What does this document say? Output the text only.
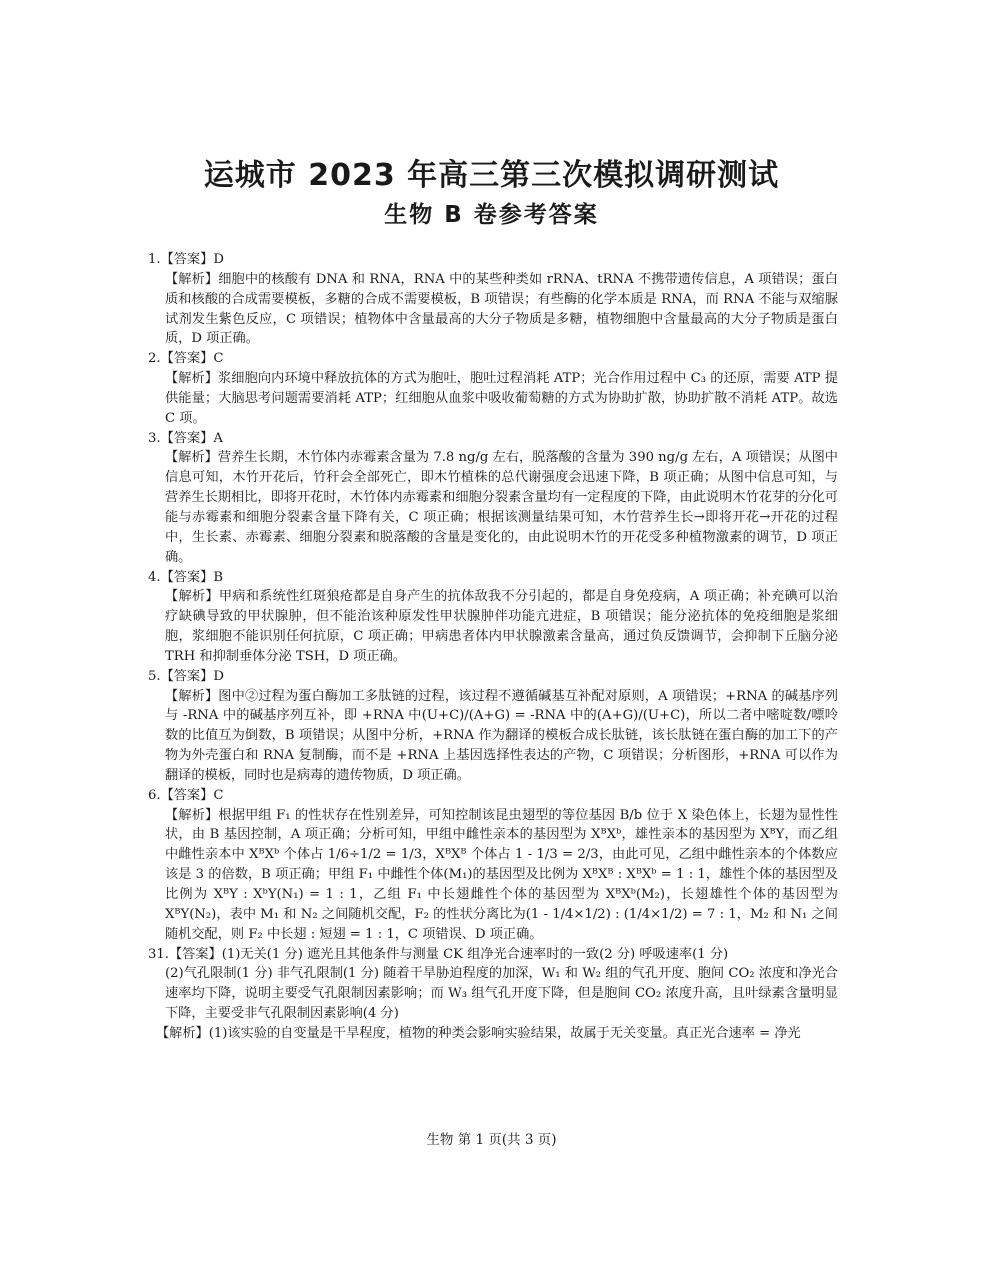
运城市 2023 年高三第三次模拟调研测试
生物 B 卷参考答案

1.【答案】D

【解析】细胞中的核酸有 DNA 和 RNA，RNA 中的某些种类如 rRNA、tRNA 不携带遗传信息，A 项错误；蛋白质和核酸的合成需要模板，多糖的合成不需要模板，B 项错误；有些酶的化学本质是 RNA，而 RNA 不能与双缩脲试剂发生紫色反应，C 项错误；植物体中含量最高的大分子物质是多糖，植物细胞中含量最高的大分子物质是蛋白质，D 项正确。

2.【答案】C

【解析】浆细胞向内环境中释放抗体的方式为胞吐，胞吐过程消耗 ATP；光合作用过程中 C₃ 的还原，需要 ATP 提供能量；大脑思考问题需要消耗 ATP；红细胞从血浆中吸收葡萄糖的方式为协助扩散，协助扩散不消耗 ATP。故选 C 项。

3.【答案】A

【解析】营养生长期，木竹体内赤霉素含量为 7.8 ng/g 左右，脱落酸的含量为 390 ng/g 左右，A 项错误；从图中信息可知，木竹开花后，竹秆会全部死亡，即木竹植株的总代谢强度会迅速下降，B 项正确；从图中信息可知，与营养生长期相比，即将开花时，木竹体内赤霉素和细胞分裂素含量均有一定程度的下降，由此说明木竹花芽的分化可能与赤霉素和细胞分裂素含量下降有关，C 项正确；根据该测量结果可知，木竹营养生长→即将开花→开花的过程中，生长素、赤霉素、细胞分裂素和脱落酸的含量是变化的，由此说明木竹的开花受多种植物激素的调节，D 项正确。

4.【答案】B

【解析】甲病和系统性红斑狼疮都是自身产生的抗体敌我不分引起的，都是自身免疫病，A 项正确；补充碘可以治疗缺碘导致的甲状腺肿，但不能治该种原发性甲状腺肿伴功能亢进症，B 项错误；能分泌抗体的免疫细胞是浆细胞，浆细胞不能识别任何抗原，C 项正确；甲病患者体内甲状腺激素含量高，通过负反馈调节，会抑制下丘脑分泌 TRH 和抑制垂体分泌 TSH，D 项正确。

5.【答案】D

【解析】图中②过程为蛋白酶加工多肽链的过程，该过程不遵循碱基互补配对原则，A 项错误；+RNA 的碱基序列与 -RNA 中的碱基序列互补，即 +RNA 中(U+C)/(A+G) = -RNA 中的(A+G)/(U+C)，所以二者中嘧啶数/嘌呤数的比值互为倒数，B 项错误；从图中分析，+RNA 作为翻译的模板合成长肽链，该长肽链在蛋白酶的加工下的产物为外壳蛋白和 RNA 复制酶，而不是 +RNA 上基因选择性表达的产物，C 项错误；分析图形，+RNA 可以作为翻译的模板，同时也是病毒的遗传物质，D 项正确。

6.【答案】C

【解析】根据甲组 F₁ 的性状存在性别差异，可知控制该昆虫翅型的等位基因 B/b 位于 X 染色体上，长翅为显性性状，由 B 基因控制，A 项正确；分析可知，甲组中雌性亲本的基因型为 XᴮXᵇ，雄性亲本的基因型为 XᴮY，而乙组中雌性亲本中 XᴮXᵇ 个体占 1/6÷1/2 = 1/3，XᴮXᴮ 个体占 1 - 1/3 = 2/3，由此可见，乙组中雌性亲本的个体数应该是 3 的倍数，B 项正确；甲组 F₁ 中雌性个体(M₁)的基因型及比例为 XᴮXᴮ : XᴮXᵇ = 1 : 1，雄性个体的基因型及比例为 XᴮY : XᵇY(N₁) = 1 : 1，乙组 F₁ 中长翅雌性个体的基因型为 XᴮXᵇ(M₂)，长翅雄性个体的基因型为 XᴮY(N₂)，表中 M₁ 和 N₂ 之间随机交配，F₂ 的性状分离比为(1 - 1/4×1/2) : (1/4×1/2) = 7 : 1，M₂ 和 N₁ 之间随机交配，则 F₂ 中长翅 : 短翅 = 1 : 1，C 项错误、D 项正确。

31.【答案】(1)无关(1 分) 遮光且其他条件与测量 CK 组净光合速率时的一致(2 分) 呼吸速率(1 分)

(2)气孔限制(1 分) 非气孔限制(1 分) 随着干旱胁迫程度的加深，W₁ 和 W₂ 组的气孔开度、胞间 CO₂ 浓度和净光合速率均下降，说明主要受气孔限制因素影响；而 W₃ 组气孔开度下降，但是胞间 CO₂ 浓度升高，且叶绿素含量明显下降，主要受非气孔限制因素影响(4 分)

【解析】(1)该实验的自变量是干旱程度，植物的种类会影响实验结果，故属于无关变量。真正光合速率 = 净光

生物 第 1 页(共 3 页)
